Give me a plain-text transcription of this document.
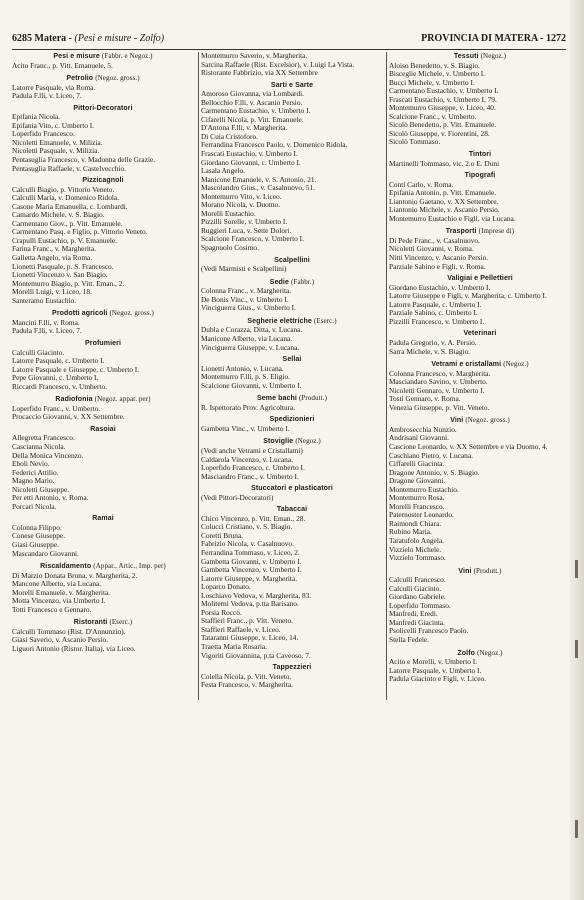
6285 Matera - (Pesi e misure - Zolfo)	PROVINCIA DI MATERA - 1272
Pesi e misure (Fabbr. e Negoz.)
Acito Franc., p. Vitt. Emanuele, 5.
Petrolio (Negoz. gross.)
Latorre Pasquale, via Roma.
Padula F.lli, v. Liceo, 7.
Pittori-Decoratori
Epifania Nicola.
Epifania Vito, c. Umberto I.
Loperfido Francesco.
Nicoletti Emanuele, v. Milizia.
Nicoletti Pasquale, v. Milizia.
Pentasuglia Francesco, v. Madonna delle Grazie.
Pentasuglia Raffaele, v. Castelvecchio.
Pizzicagnoli
Calculli Biagio, p. Vittorio Veneto.
Calculli Maria, v. Domenico Ridola.
Casone Maria Emanuella, c. Lombardi.
Camardo Michele, v. S. Biagio.
Carmentano Giov., p. Vitt. Emanuele.
Carmentano Pasq. e Figlio, p. Vittorio Veneto.
Crapulli Eustachio, p. V. Emanuele.
Farina Franc., v. Margherita.
Galletta Angelo, via Roma.
Lionetti Pasquale, p. S. Francesco.
Lionetti Vincenzo v. San Biagio.
Montemurro Biagio, p. Vitt. Eman., 2.
Morelli Luigi, v. Liceo, 18.
Santeramo Eustachio.
Prodotti agricoli (Negoz. gross.)
Mancini F.lli, v. Roma.
Padula F.lli, v. Liceo, 7.
Profumieri
Calculli Giacinto.
Latorre Pasquale, c. Umberto I.
Latorre Pasquale e Giuseppe, c. Umberto I.
Pepe Giovanni, c. Umberto I.
Riccardi Francesco, v. Umberto.
Radiofonia (Negoz. appar. per)
Loperfido Franc., v. Umberto.
Procaccio Giovanni, v. XX Settembre.
Rasoiai
Allegretta Francesco.
Cascianna Nicola.
Della Monica Vincenzo.
Eboli Nevio.
Federici Attilio.
Magno Mario.
Nicoletti Giuseppe.
Per etti Antonio, v. Roma.
Porcari Nicola.
Ramai
Colonna Filippo.
Conese Giuseppe.
Giasi Giuseppe.
Mascandaro Giovanni.
Riscaldamento (Appar., Artic., Imp. per)
Di Marzio Donata Bruna, v. Margherita, 2.
Mancone Alberto, via Lucana.
Morelli Emanuele, v. Margherita.
Motta Vincenzo, via Umberto I.
Totti Francesco e Gennaro.
Ristoranti (Eserc.)
Calculli Tommaso (Rist. D'Annunzio).
Giasi Saverio, v. Ascanio Persio.
Liguori Antonio (Ristor. Italia), via Liceo.
Montemurro Saverio, v. Margherita.
Sarcina Raffaele (Rist. Excelsior), v. Luigi La Vista.
Ristorante Fabbrizio, via XX Settembre
Sarti e Sarte
Amoroso Giovanna, via Lombardi.
Bellocchio F.lli, v. Ascanio Persio.
Carmentano Eustachio, v. Umberto I.
Cifarelli Nicola, p. Vitt. Emanuele.
D'Antona F.lli, v. Margherita.
Di Cuia Cristoforo.
Ferrandina Francesco Paolo, v. Domenico Ridola.
Frascati Eustachio, v. Umberto I.
Giordano Giovanni, c. Umberto I.
Lasala Angelo.
Manicone Emanuele, v. S. Antonio, 21.
Mascolandro Gius., v. Casalnuovo, 51.
Montemurro Vito, v. Liceo.
Morano Nicola, v. Duomo.
Morelli Eustachio.
Pizzilli Sorelle, v. Umberto I.
Ruggieri Luca, v. Sette Dolori.
Scalcione Francesco, v. Umberto I.
Spagnuolo Cosimo.
Scalpellini
(Vedi Marmisti e Scalpellini)
Sedie (Fabbr.)
Colonna Franc., v. Margherita.
De Bonis Vinc., v. Umberto I.
Vinciguerra Gius., v. Umberto I.
Segherie elettriche (Eserc.)
Dubla e Corazza, Ditta, v. Lucana.
Manicone Alberto, via Lucana.
Vinciguerra Giuseppe, v. Lucana.
Sellai
Lionetti Antonio, v. Lucana.
Montemurro F.lli, p. S. Eligio.
Scalcione Giovanni, v. Umberto I.
Seme bachi (Produtt.)
R. Ispettorato Prov. Agricoltura.
Spedizionieri
Gambetta Vinc., v. Umberto I.
Stoviglie (Negoz.)
(Vedi anche Vetrami e Cristallami)
Caldarola Vincenzo, v. Lucana.
Loperfido Francesco, c. Umberto I.
Masciandro Franc., v. Umberto I.
Stuccatori e plasticatori
(Vedi Pittori-Decoratori)
Tabaccai
Chico Vincenzo, p. Vitt. Eman., 28.
Colucci Cristiano, v. S. Biagio.
Coretti Bruna.
Fabrizio Nicola, v. Casalnuovo.
Ferrandina Tommaso, v. Liceo, 2.
Gambetta Giovanni, v. Umberto I.
Gambetta Vincenzo, v. Umberto I.
Latorre Giuseppe, v. Margherita.
Loparco Donato.
Loschiavo Vedova, v. Margherita, 83.
Moliterni Vedova, p.tta Barisano.
Porsia Rocco.
Staffieri Franc., p. Vitt. Veneto.
Staffieri Raffaele, v. Liceo.
Tataranni Giuseppe, v. Liceo, 14.
Traetta Maria Rosaria.
Vigoriti Giovannina, p.ta Caveoso, 7.
Tappezzieri
Colella Nicola, p. Vitt. Veneto.
Festa Francesco, v. Margherita.
Tessuti (Negoz.)
Aloiso Benedetto, v. S. Biagio.
Bisceglie Michele, v. Umberto I.
Bucci Michele, v. Umberto I.
Carmentano Eustachio, v. Umberto I.
Frascati Eustachio, v. Umberto I, 79.
Montemurro Giuseppe, v. Liceo, 40.
Scalcione Franc., v. Umberto.
Sicolò Benedetto, p. Vitt. Emanuele.
Sicolò Giuseppe, v. Fiorentini, 28.
Sicolò Tommaso.
Tintori
Martinelli Tommaso, vic. 2.o E. Duni
Tipografi
Conti Carlo, v. Roma.
Epifania Antonio, p. Vitt. Emanuele.
Liantonio Gaetano, v. XX Settembre.
Liantonio Michele, v. Ascanio Persio.
Montemurro Eustachio e Figli, via Lucana.
Trasporti (Imprese di)
Di Pede Franc., v. Casalnuovo.
Nicoletti Giovanni, v. Roma.
Nitti Vincenzo, v. Ascanio Persio.
Parziale Sabino e Figli, v. Roma.
Valigiai e Pellettieri
Giordano Eustachio, v. Umberto I.
Latorre Giuseppe e Figli, v. Margherita, c. Umberto I.
Latorre Pasquale, c. Umberto I.
Parziale Sabino, c. Umberto I.
Pizzilli Francesco, v. Umberto I.
Veterinari
Padula Gregorio, v. A. Persio.
Sarra Michele, v. S. Biagio.
Vetrami e cristallami (Negoz.)
Colonna Francesco, v. Margherita.
Masciandaro Savino, v. Umberto.
Nicoletti Gennaro, v. Umberto I.
Tosti Gennaro, v. Roma.
Venezia Giuseppe, p. Vitt. Veneto.
Vini (Negoz. gross.)
Ambrosecchia Nunzio.
Andrisani Giovanni.
Cascione Leonardo, v. XX Settembre e via Duomo, 4.
Caschiano Pietro, v. Lucana.
Ciffarelli Giacinta.
Dragone Antonio, v. S. Biagio.
Dragone Giovanni.
Montemurro Eustachio.
Montemurro Rosa.
Morelli Francesco.
Paternoster Leonardo.
Raimondi Chiara.
Rubino Maria.
Taratufolo Angela.
Vizzielo Michele.
Vizzielo Tommaso.
Vini (Produtt.)
Calculli Francesco.
Calculli Giacinto.
Giordano Gabriele.
Loperfido Tommaso.
Manfredi, Eredi.
Manfredi Giacinta.
Psolicelli Francesco Paolo.
Stella Fedele.
Zolfo (Negoz.)
Acito e Morelli, v. Umberto I.
Latorre Pasquale, v. Umberto I.
Padula Giacinto e Figli, v. Liceo.
